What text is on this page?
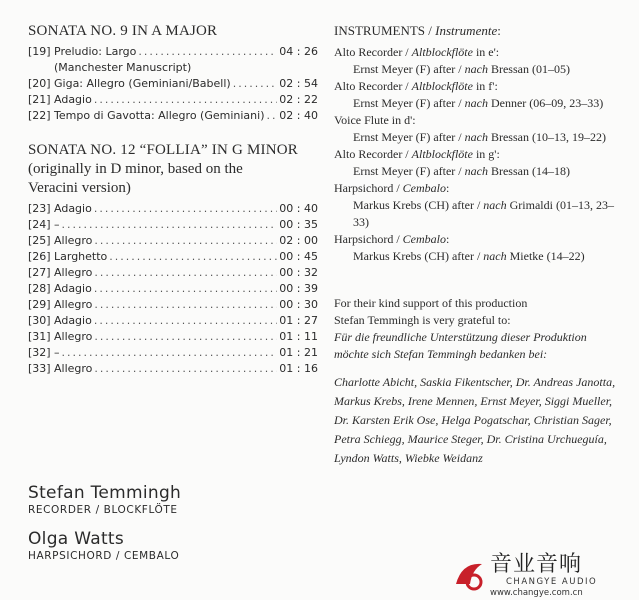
SONATA NO. 9 IN A MAJOR

[19] Preludio: Largo .....	04 : 26
(Manchester Manuscript)
[20] Giga: Allegro (Geminiani/Babell) .....	02 : 54
[21] Adagio .....	02 : 22
[22] Tempo di Gavotta: Allegro (Geminiani) ..... 02 : 40

SONATA NO. 12 “FOLLIA” IN G MINOR

(originally in D minor, based on the

Veracini version)

[23] Adagio .....	00 : 40
[24] – .....	00 : 35
[25] Allegro .....	02 : 00
[26] Larghetto .....	00 : 45
[27] Allegro .....	00 : 32
[28] Adagio .....	00 : 39
[29] Allegro .....	00 : 30
[30] Adagio .....	01 : 27
[31] Allegro .....	01 : 11
[32] – .....	01 : 21
[33] Allegro .....	01 : 16
Stefan Temmingh
RECORDER / BLOCKFLÖTE
Olga Watts
HARPSICHORD / CEMBALO

INSTRUMENTS / Instrumente:

Alto Recorder / Altblockflöte in e':
Ernst Meyer (F) after / nach Bressan (01–05)
Alto Recorder / Altblockflöte in f':
Ernst Meyer (F) after / nach Denner (06–09, 23–33)
Voice Flute in d':
Ernst Meyer (F) after / nach Bressan (10–13, 19–22)
Alto Recorder / Altblockflöte in g':
Ernst Meyer (F) after / nach Bressan (14–18)
Harpsichord / Cembalo:
Markus Krebs (CH) after / nach Grimaldi (01–13, 23–33)
Harpsichord / Cembalo:
Markus Krebs (CH) after / nach Mietke (14–22)
For their kind support of this production
Stefan Temmingh is very grateful to:
Für die freundliche Unterstützung dieser Produktion
möchte sich Stefan Temmingh bedanken bei:
Charlotte Abicht, Saskia Fikentscher, Dr. Andreas Janotta, Markus Krebs, Irene Mennen, Ernst Meyer, Siggi Mueller, Dr. Karsten Erik Ose, Helga Pogatschar, Christian Sager, Petra Schiegg, Maurice Steger, Dr. Cristina Urchueguía, Lyndon Watts, Wiebke Weidanz
音业音响
CHANGYE AUDIO
www.changye.com.cn
